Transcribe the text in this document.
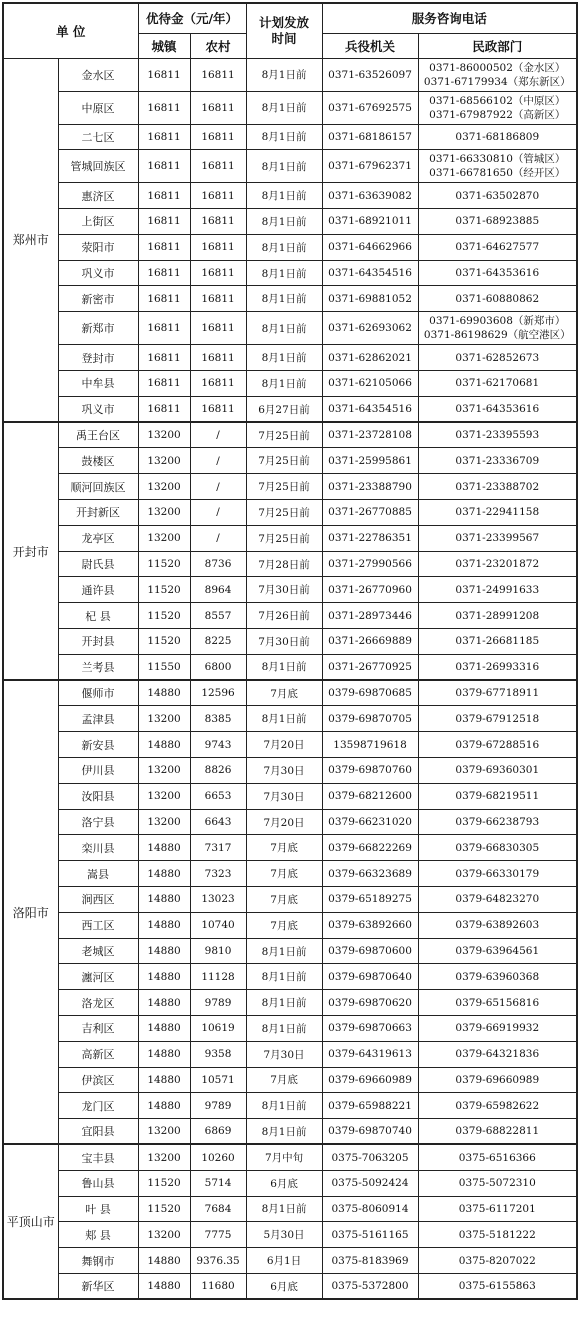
单 位		优待金（元/年）		计划发放
时间	服务咨询电话	
		城镇	农村		兵役机关	民政部门
郑州市	金水区	16811	16811	8月1日前	0371-63526097	0371-86000502（金水区）
0371-67179934（郑东新区）
	中原区	16811	16811	8月1日前	0371-67692575	0371-68566102（中原区）
0371-67987922（高新区）
	二七区	16811	16811	8月1日前	0371-68186157	0371-68186809
	管城回族区	16811	16811	8月1日前	0371-67962371	0371-66330810（管城区）
0371-66781650（经开区）
	惠济区	16811	16811	8月1日前	0371-63639082	0371-63502870
	上街区	16811	16811	8月1日前	0371-68921011	0371-68923885
	荥阳市	16811	16811	8月1日前	0371-64662966	0371-64627577
	巩义市	16811	16811	8月1日前	0371-64354516	0371-64353616
	新密市	16811	16811	8月1日前	0371-69881052	0371-60880862
	新郑市	16811	16811	8月1日前	0371-62693062	0371-69903608（新郑市）
0371-86198629（航空港区）
	登封市	16811	16811	8月1日前	0371-62862021	0371-62852673
	中牟县	16811	16811	8月1日前	0371-62105066	0371-62170681
	巩义市	16811	16811	6月27日前	0371-64354516	0371-64353616
开封市	禹王台区	13200	/	7月25日前	0371-23728108	0371-23395593
	鼓楼区	13200	/	7月25日前	0371-25995861	0371-23336709
	顺河回族区	13200	/	7月25日前	0371-23388790	0371-23388702
	开封新区	13200	/	7月25日前	0371-26770885	0371-22941158
	龙亭区	13200	/	7月25日前	0371-22786351	0371-23399567
	尉氏县	11520	8736	7月28日前	0371-27990566	0371-23201872
	通许县	11520	8964	7月30日前	0371-26770960	0371-24991633
	杞 县	11520	8557	7月26日前	0371-28973446	0371-28991208
	开封县	11520	8225	7月30日前	0371-26669889	0371-26681185
	兰考县	11550	6800	8月1日前	0371-26770925	0371-26993316
洛阳市	偃师市	14880	12596	7月底	0379-69870685	0379-67718911
	孟津县	13200	8385	8月1日前	0379-69870705	0379-67912518
	新安县	14880	9743	7月20日	13598719618	0379-67288516
	伊川县	13200	8826	7月30日	0379-69870760	0379-69360301
	汝阳县	13200	6653	7月30日	0379-68212600	0379-68219511
	洛宁县	13200	6643	7月20日	0379-66231020	0379-66238793
	栾川县	14880	7317	7月底	0379-66822269	0379-66830305
	嵩县	14880	7323	7月底	0379-66323689	0379-66330179
	涧西区	14880	13023	7月底	0379-65189275	0379-64823270
	西工区	14880	10740	7月底	0379-63892660	0379-63892603
	老城区	14880	9810	8月1日前	0379-69870600	0379-63964561
	瀍河区	14880	11128	8月1日前	0379-69870640	0379-63960368
	洛龙区	14880	9789	8月1日前	0379-69870620	0379-65156816
	吉利区	14880	10619	8月1日前	0379-69870663	0379-66919932
	高新区	14880	9358	7月30日	0379-64319613	0379-64321836
	伊滨区	14880	10571	7月底	0379-69660989	0379-69660989
	龙门区	14880	9789	8月1日前	0379-65988221	0379-65982622
	宜阳县	13200	6869	8月1日前	0379-69870740	0379-68822811
平顶山市	宝丰县	13200	10260	7月中旬	0375-7063205	0375-6516366
	鲁山县	11520	5714	6月底	0375-5092424	0375-5072310
	叶 县	11520	7684	8月1日前	0375-8060914	0375-6117201
	郏 县	13200	7775	5月30日	0375-5161165	0375-5181222
	舞钢市	14880	9376.35	6月1日	0375-8183969	0375-8207022
	新华区	14880	11680	6月底	0375-5372800	0375-6155863
